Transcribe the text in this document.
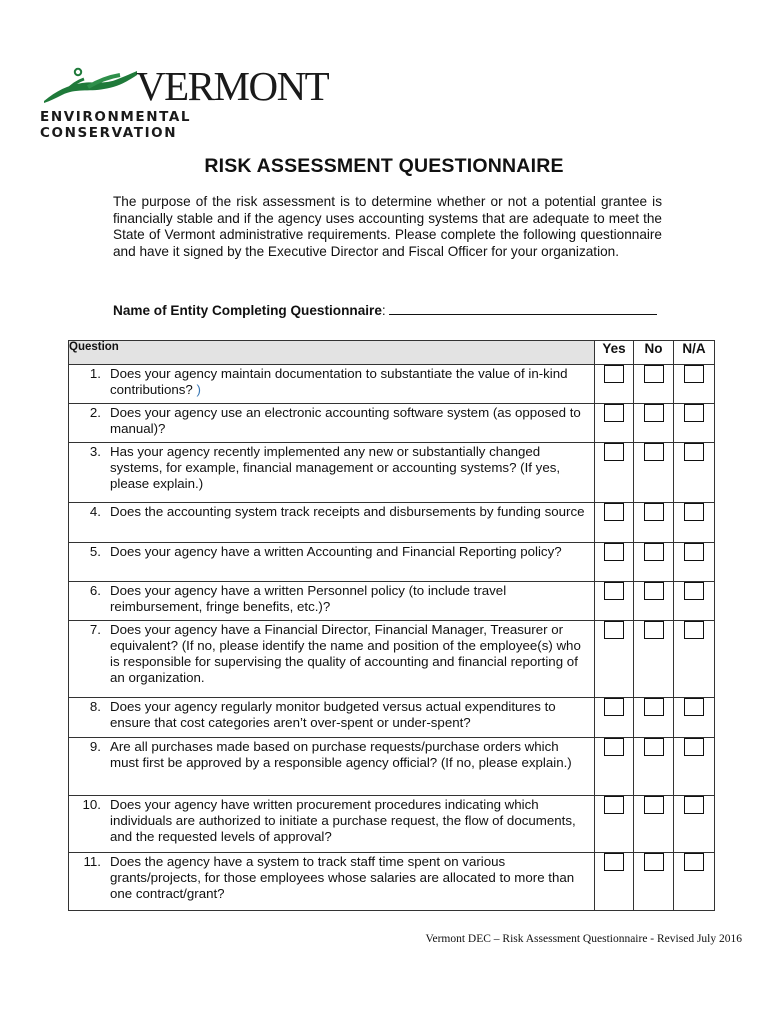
VERMONT
ENVIRONMENTAL CONSERVATION
RISK ASSESSMENT QUESTIONNAIRE

The purpose of the risk assessment is to determine whether or not a potential grantee is financially stable and if the agency uses accounting systems that are adequate to meet the State of Vermont administrative requirements. Please complete the following questionnaire and have it signed by the Executive Director and Fiscal Officer for your organization.

Name of Entity Completing Questionnaire:
Question	Yes	No	N/A

1. Does your agency maintain documentation to substantiate the value of in-kind contributions? )			

2. Does your agency use an electronic accounting software system (as opposed to manual)?			

3. Has your agency recently implemented any new or substantially changed systems, for example, financial management or accounting systems? (If yes, please explain.)			

4. Does the accounting system track receipts and disbursements by funding source			

5. Does your agency have a written Accounting and Financial Reporting policy?			

6. Does your agency have a written Personnel policy (to include travel reimbursement, fringe benefits, etc.)?			

7. Does your agency have a Financial Director, Financial Manager, Treasurer or equivalent? (If no, please identify the name and position of the employee(s) who is responsible for supervising the quality of accounting and financial reporting of an organization.			

8. Does your agency regularly monitor budgeted versus actual expenditures to ensure that cost categories aren’t over-spent or under-spent?			

9. Are all purchases made based on purchase requests/purchase orders which must first be approved by a responsible agency official? (If no, please explain.)			

10. Does your agency have written procurement procedures indicating which individuals are authorized to initiate a purchase request, the flow of documents, and the requested levels of approval?			

11. Does the agency have a system to track staff time spent on various grants/projects, for those employees whose salaries are allocated to more than one contract/grant?			

Vermont DEC – Risk Assessment Questionnaire - Revised July 2016
